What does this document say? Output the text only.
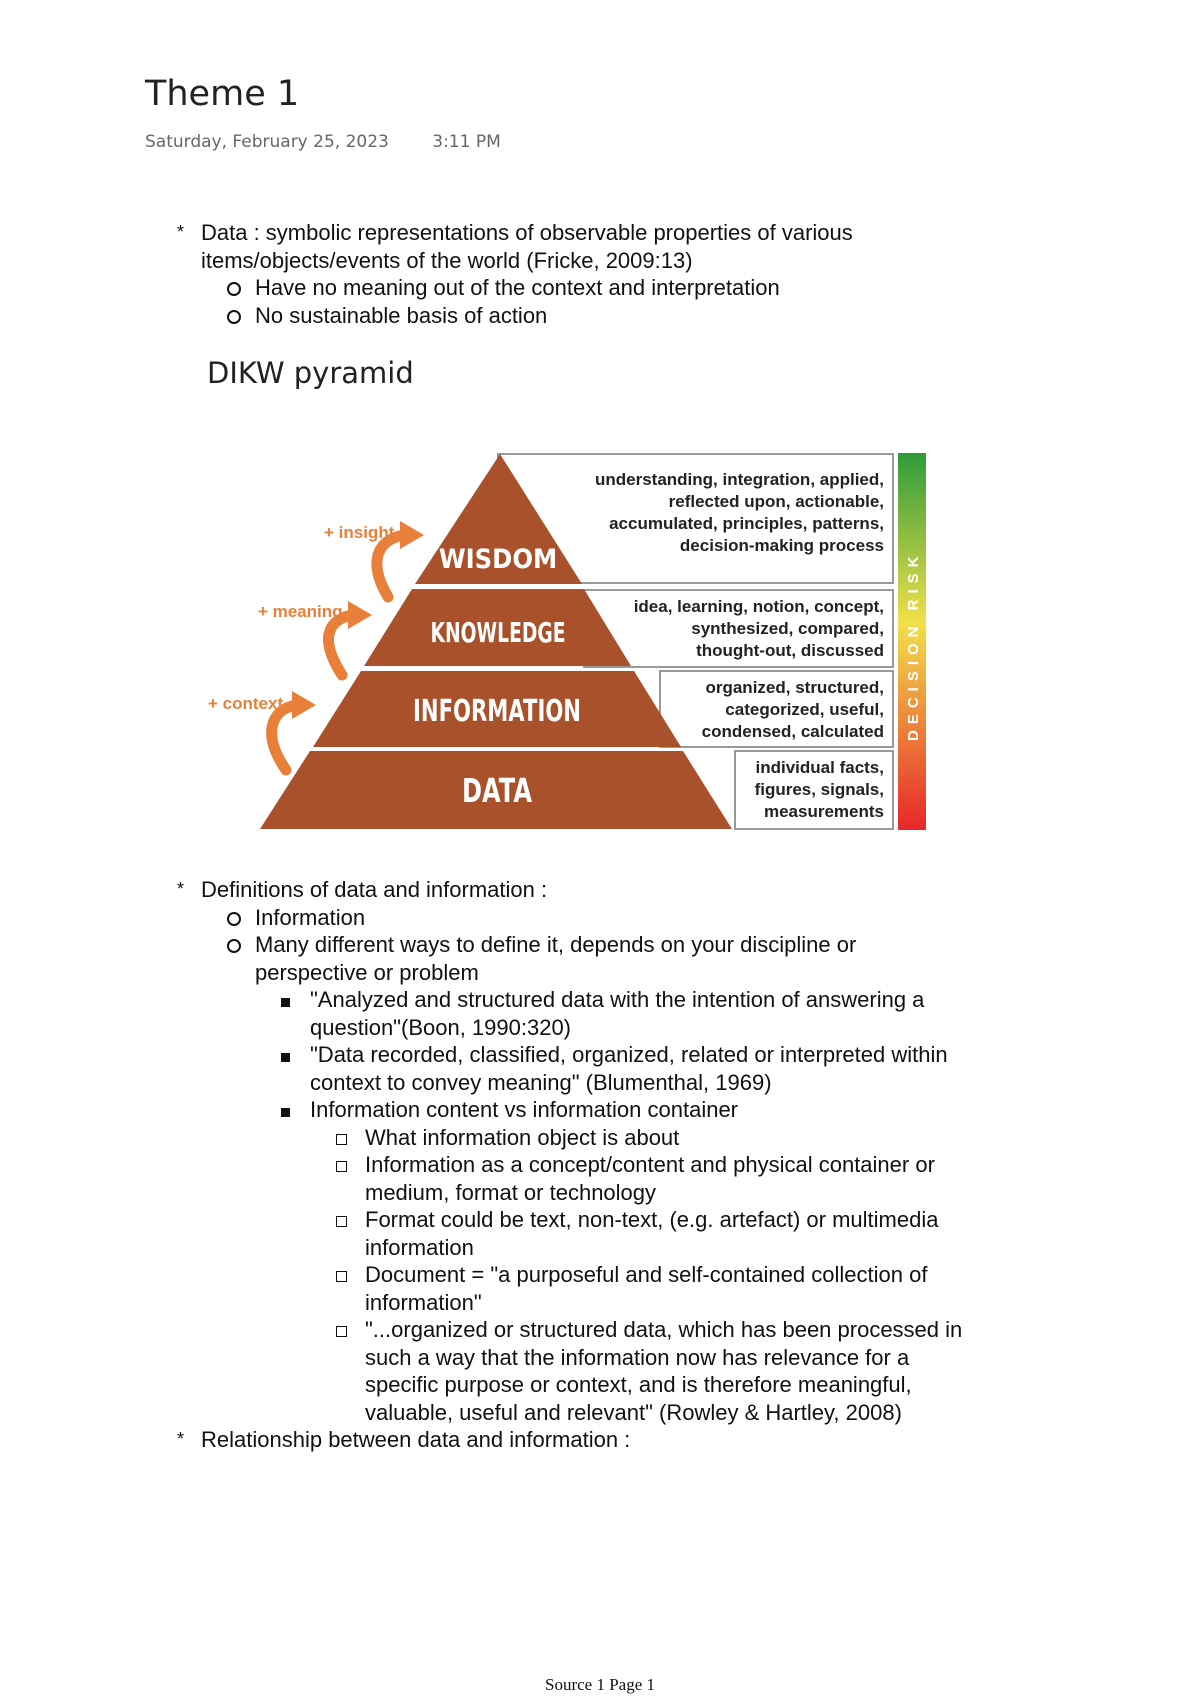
Theme 1
Saturday, February 25, 2023	3:11 PM
* Data : symbolic representations of observable properties of various
items/objects/events of the world (Fricke, 2009:13)
Have no meaning out of the context and interpretation
No sustainable basis of action
DIKW pyramid
WISDOM
KNOWLEDGE
INFORMATION
DATA
understanding, integration, applied,
reflected upon, actionable,
accumulated, principles, patterns,
decision-making process
idea, learning, notion, concept,
synthesized, compared,
thought-out, discussed
organized, structured,
categorized, useful,
condensed, calculated
individual facts,
figures, signals,
measurements
DECISION RISK
+ insight
+ meaning
+ context
* Definitions of data and information :
Information
Many different ways to define it, depends on your discipline or
perspective or problem
"Analyzed and structured data with the intention of answering a
question"(Boon, 1990:320)
"Data recorded, classified, organized, related or interpreted within
context to convey meaning" (Blumenthal, 1969)
Information content vs information container
What information object is about
Information as a concept/content and physical container or
medium, format or technology
Format could be text, non-text, (e.g. artefact) or multimedia
information
Document = "a purposeful and self-contained collection of
information"
"...organized or structured data, which has been processed in
such a way that the information now has relevance for a
specific purpose or context, and is therefore meaningful,
valuable, useful and relevant" (Rowley & Hartley, 2008)
* Relationship between data and information :
Source 1 Page 1
